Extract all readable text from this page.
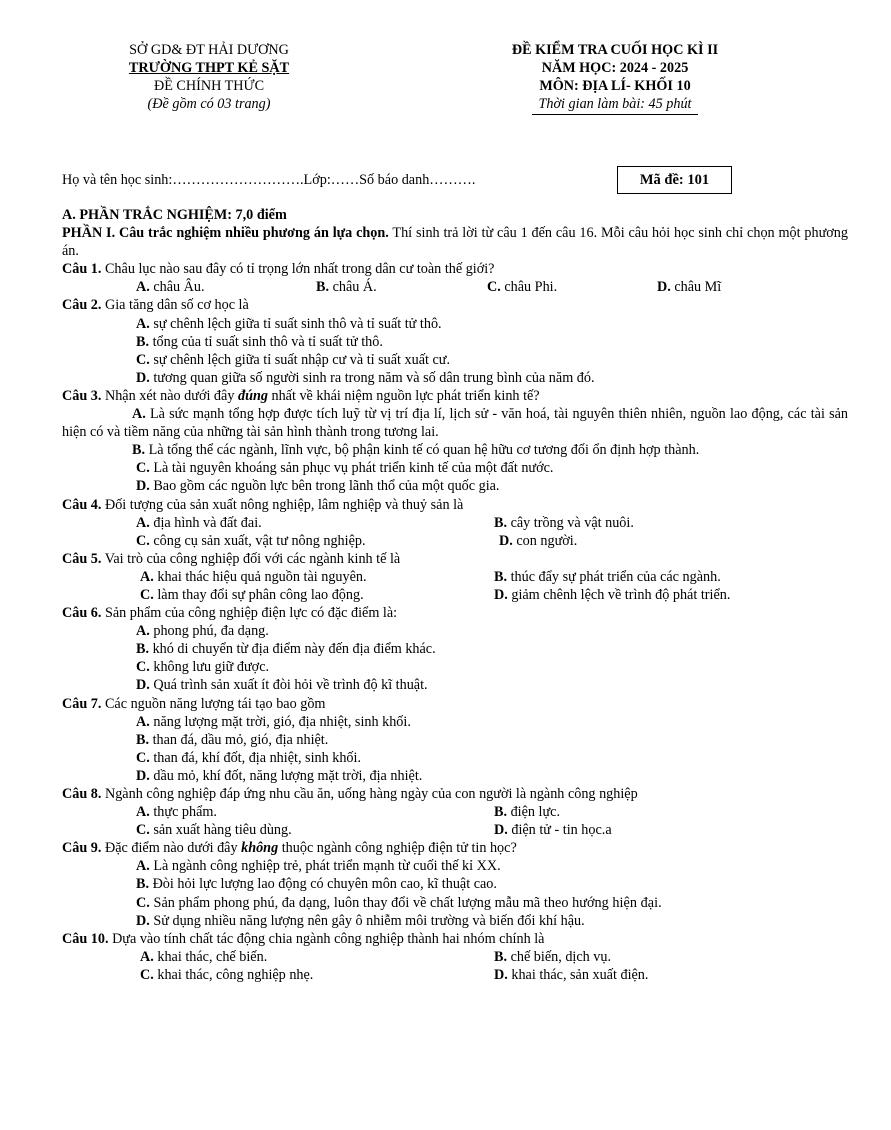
SỞ GD& ĐT HẢI DƯƠNG
TRƯỜNG THPT KẺ SẶT
ĐỀ CHÍNH THỨC
(Đề gồm có 03 trang)
ĐỀ KIỂM TRA CUỐI HỌC KÌ II
NĂM HỌC: 2024 - 2025
MÔN: ĐỊA LÍ- KHỐI 10
Thời gian làm bài: 45 phút
Họ và tên học sinh:……………………….Lớp:……Số báo danh……….	Mã đề: 101
A. PHẦN TRẮC NGHIỆM: 7,0 điểm
PHẦN I. Câu trắc nghiệm nhiều phương án lựa chọn. Thí sinh trả lời từ câu 1 đến câu 16. Mỗi câu hỏi học sinh chỉ chọn một phương án.
Câu 1. Châu lục nào sau đây có tỉ trọng lớn nhất trong dân cư toàn thế giới?
A. châu Âu.	B. châu Á.	C. châu Phi.	D. châu Mĩ
Câu 2. Gia tăng dân số cơ học là
A. sự chênh lệch giữa tỉ suất sinh thô và tỉ suất tử thô.
B. tổng của tỉ suất sinh thô và tỉ suất tử thô.
C. sự chênh lệch giữa tỉ suất nhập cư và tỉ suất xuất cư.
D. tương quan giữa số người sinh ra trong năm và số dân trung bình của năm đó.
Câu 3. Nhận xét nào dưới đây đúng nhất về khái niệm nguồn lực phát triển kinh tế?
A. Là sức mạnh tổng hợp được tích luỹ từ vị trí địa lí, lịch sử - văn hoá, tài nguyên thiên nhiên, nguồn lao động, các tài sản hiện có và tiềm năng của những tài sản hình thành trong tương lai.
B. Là tổng thể các ngành, lĩnh vực, bộ phận kinh tế có quan hệ hữu cơ tương đối ổn định hợp thành.
C. Là tài nguyên khoáng sản phục vụ phát triển kinh tế của một đất nước.
D. Bao gồm các nguồn lực bên trong lãnh thổ của một quốc gia.
Câu 4. Đối tượng của sản xuất nông nghiệp, lâm nghiệp và thuỷ sản là
A. địa hình và đất đai.	B. cây trồng và vật nuôi.
C. công cụ sản xuất, vật tư nông nghiệp.	D. con người.
Câu 5. Vai trò của công nghiệp đối với các ngành kinh tế là
A. khai thác hiệu quả nguồn tài nguyên.	B. thúc đẩy sự phát triển của các ngành.
C. làm thay đổi sự phân công lao động.	D. giảm chênh lệch về trình độ phát triển.
Câu 6. Sản phẩm của công nghiệp điện lực có đặc điểm là:
A. phong phú, đa dạng.
B. khó di chuyển từ địa điểm này đến địa điểm khác.
C. không lưu giữ được.
D. Quá trình sản xuất ít đòi hỏi về trình độ kĩ thuật.
Câu 7. Các nguồn năng lượng tái tạo bao gồm
A. năng lượng mặt trời, gió, địa nhiệt, sinh khối.
B. than đá, dầu mỏ, gió, địa nhiệt.
C. than đá, khí đốt, địa nhiệt, sinh khối.
D. dầu mỏ, khí đốt, năng lượng mặt trời, địa nhiệt.
Câu 8. Ngành công nghiệp đáp ứng nhu cầu ăn, uống hàng ngày của con người là ngành công nghiệp
A. thực phẩm.	B. điện lực.
C. sản xuất hàng tiêu dùng.	D. điện tử - tin học.a
Câu 9. Đặc điểm nào dưới đây không thuộc ngành công nghiệp điện tử tin học?
A. Là ngành công nghiệp trẻ, phát triển mạnh từ cuối thế kỉ XX.
B. Đòi hỏi lực lượng lao động có chuyên môn cao, kĩ thuật cao.
C. Sản phẩm phong phú, đa dạng, luôn thay đổi về chất lượng mẫu mã theo hướng hiện đại.
D. Sử dụng nhiều năng lượng nên gây ô nhiễm môi trường và biến đổi khí hậu.
Câu 10. Dựa vào tính chất tác động chia ngành công nghiệp thành hai nhóm chính là
A. khai thác, chế biến.	B. chế biến, dịch vụ.
C. khai thác, công nghiệp nhẹ.	D. khai thác, sản xuất điện.
